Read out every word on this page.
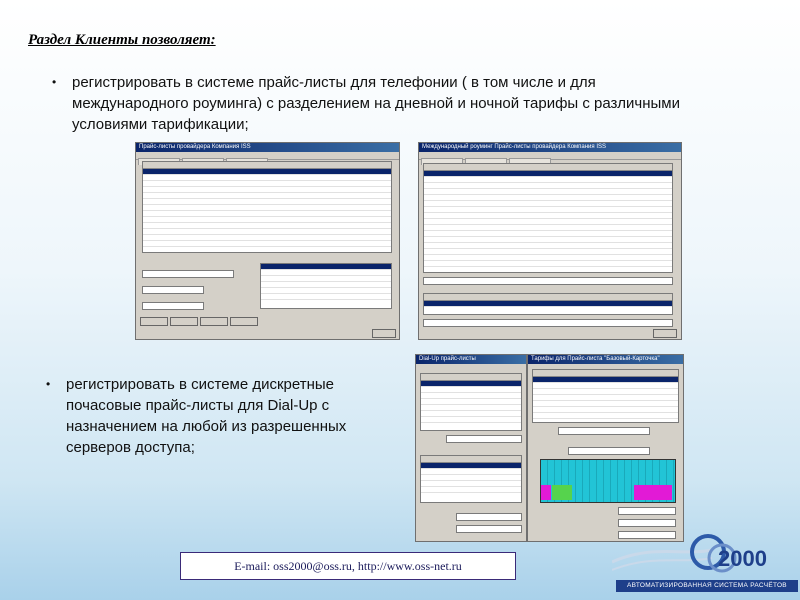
Раздел Клиенты позволяет:
• регистрировать в системе прайс-листы для телефонии ( в том числе и для международного роуминга) с разделением на дневной и ночной тарифы с различными условиями тарификации;
Прайс-листы провайдера Компания ISS	Международный роуминг Прайс-листы провайдера Компания ISS
• регистрировать в системе дискретные почасовые прайс-листы для Dial-Up с назначением на любой из разрешенных серверов доступа;
Dial-Up прайс-листы	Тарифы для Прайс-листа "Базовый-Карточка"
E-mail: oss2000@oss.ru, http://www.oss-net.ru	2000
АВТОМАТИЗИРОВАННАЯ СИСТЕМА РАСЧЁТОВ
